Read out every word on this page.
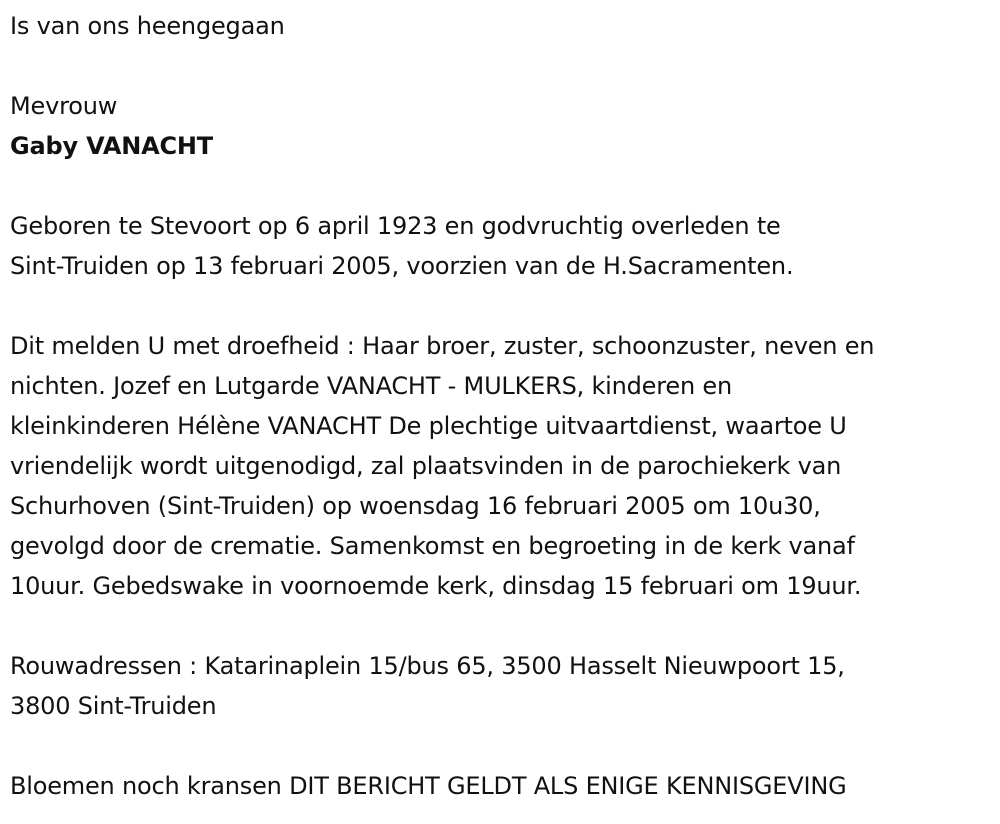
Is van ons heengegaan

Mevrouw

Gaby VANACHT

Geboren te Stevoort op 6 april 1923 en godvruchtig overleden te

Sint-Truiden op 13 februari 2005, voorzien van de H.Sacramenten.

Dit melden U met droefheid : Haar broer, zuster, schoonzuster, neven en

nichten. Jozef en Lutgarde VANACHT - MULKERS, kinderen en

kleinkinderen Hélène VANACHT De plechtige uitvaartdienst, waartoe U

vriendelijk wordt uitgenodigd, zal plaatsvinden in de parochiekerk van

Schurhoven (Sint-Truiden) op woensdag 16 februari 2005 om 10u30,

gevolgd door de crematie. Samenkomst en begroeting in de kerk vanaf

10uur. Gebedswake in voornoemde kerk, dinsdag 15 februari om 19uur.

Rouwadressen : Katarinaplein 15/bus 65, 3500 Hasselt Nieuwpoort 15,

3800 Sint-Truiden

Bloemen noch kransen DIT BERICHT GELDT ALS ENIGE KENNISGEVING
